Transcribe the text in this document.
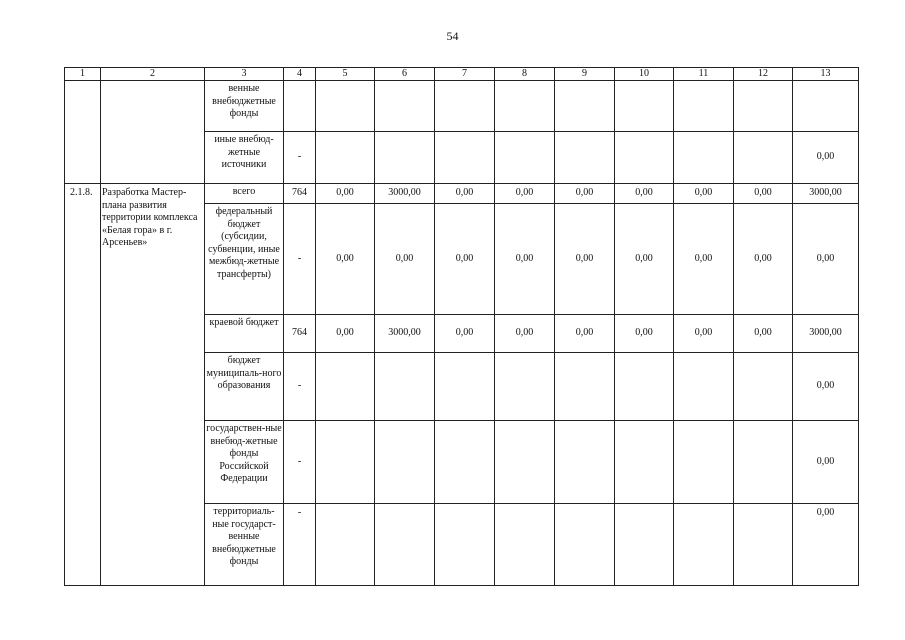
54
1	2	3	4	5	6	7	8	9	10	11	12	13
		венные внебюджетные фонды										
		иные внебюд-жетные источники	-									0,00
2.1.8.	Разработка Мастер-плана развития территории комплекса «Белая гора» в г. Арсеньев»	всего	764	0,00	3000,00	0,00	0,00	0,00	0,00	0,00	0,00	3000,00
		федеральный бюджет (субсидии, субвенции, иные межбюд-жетные трансферты)	-	0,00	0,00	0,00	0,00	0,00	0,00	0,00	0,00	0,00
		краевой бюджет	764	0,00	3000,00	0,00	0,00	0,00	0,00	0,00	0,00	3000,00
		бюджет муниципаль-ного образования	-									0,00
		государствен-ные внебюд-жетные фонды Российской Федерации	-									0,00
		территориаль-ные государст-венные внебюджетные фонды	-									0,00
